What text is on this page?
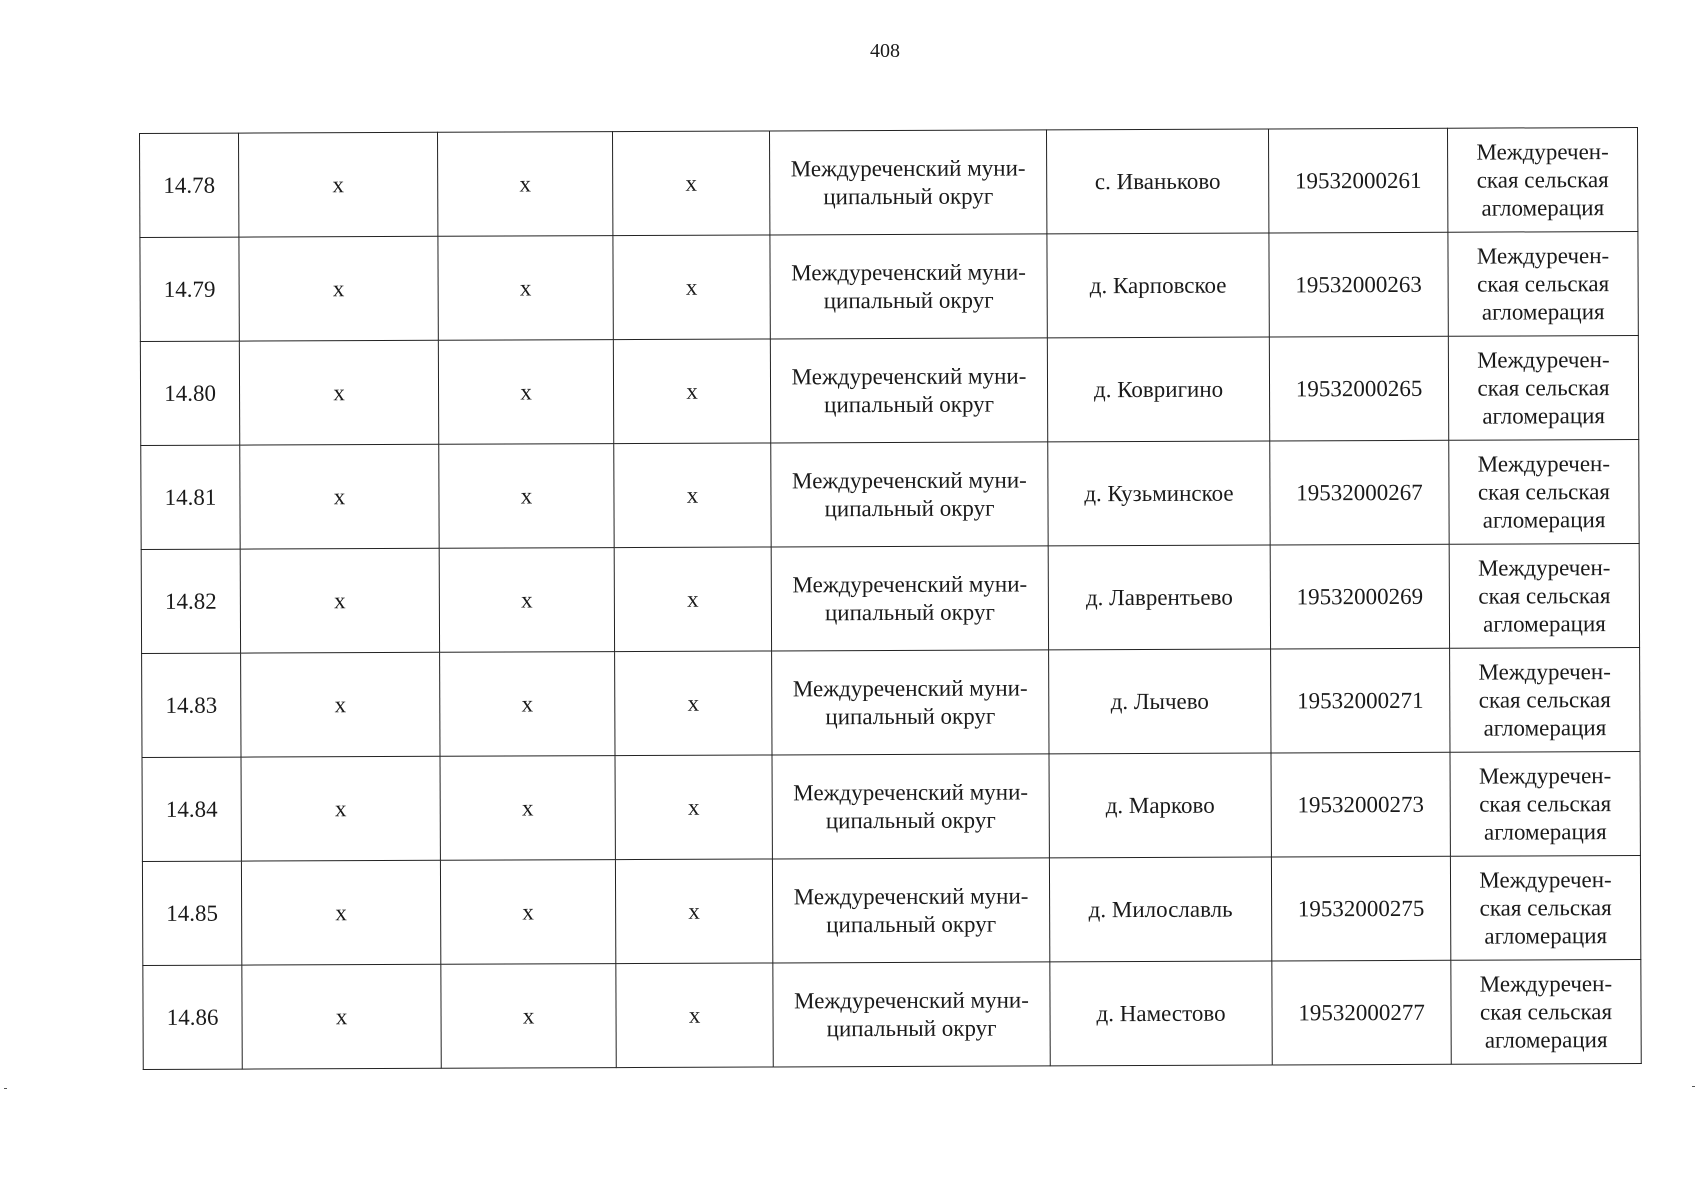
408
14.78	x	x	x	Междуреченский муни-
ципальный округ	с. Иваньково	19532000261	Междуречен-
ская сельская
агломерация

14.79	x	x	x	Междуреченский муни-
ципальный округ	д. Карповское	19532000263	Междуречен-
ская сельская
агломерация

14.80	x	x	x	Междуреченский муни-
ципальный округ	д. Ковригино	19532000265	Междуречен-
ская сельская
агломерация

14.81	x	x	x	Междуреченский муни-
ципальный округ	д. Кузьминское	19532000267	Междуречен-
ская сельская
агломерация

14.82	x	x	x	Междуреченский муни-
ципальный округ	д. Лаврентьево	19532000269	Междуречен-
ская сельская
агломерация

14.83	x	x	x	Междуреченский муни-
ципальный округ	д. Лычево	19532000271	Междуречен-
ская сельская
агломерация

14.84	x	x	x	Междуреченский муни-
ципальный округ	д. Марково	19532000273	Междуречен-
ская сельская
агломерация

14.85	x	x	x	Междуреченский муни-
ципальный округ	д. Милославль	19532000275	Междуречен-
ская сельская
агломерация

14.86	x	x	x	Междуреченский муни-
ципальный округ	д. Наместово	19532000277	Междуречен-
ская сельская
агломерация
